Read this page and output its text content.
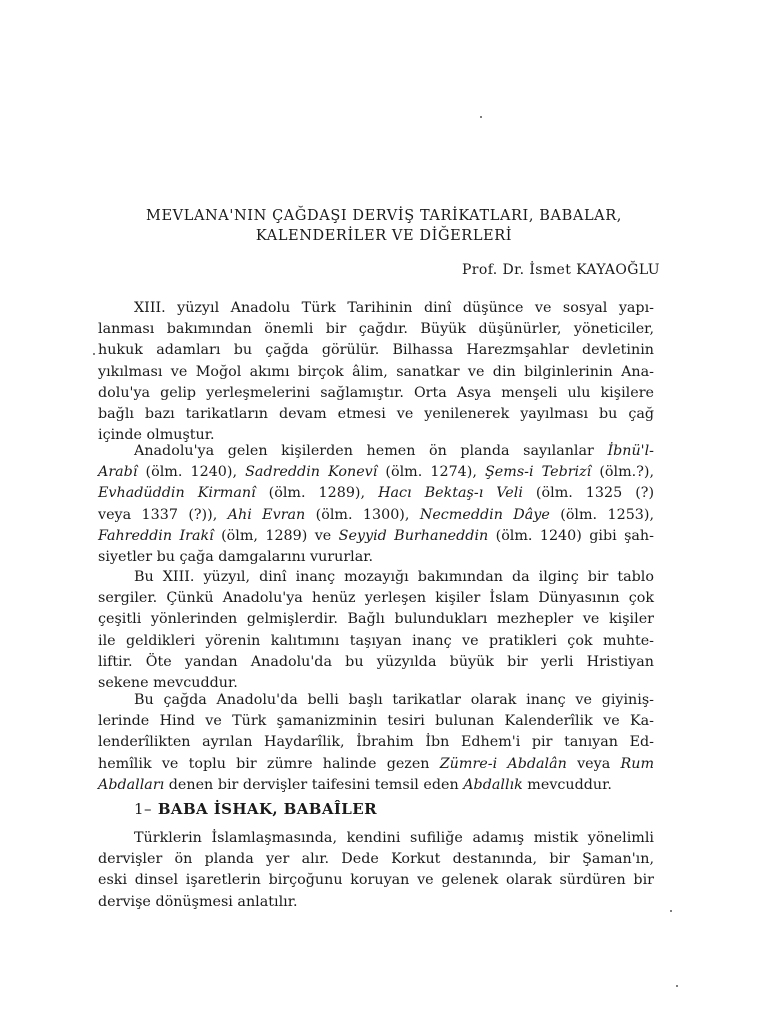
MEVLANA'NIN ÇAĞDAŞI DERVİŞ TARİKATLARI, BABALAR,
KALENDERİLER VE DİĞERLERİ
Prof. Dr. İsmet KAYAOĞLU
XIII. yüzyıl Anadolu Türk Tarihinin dinî düşünce ve sosyal yapı-
lanması bakımından önemli bir çağdır. Büyük düşünürler, yöneticiler,
hukuk adamları bu çağda görülür. Bilhassa Harezmşahlar devletinin
yıkılması ve Moğol akımı birçok âlim, sanatkar ve din bilginlerinin Ana-
dolu'ya gelip yerleşmelerini sağlamıştır. Orta Asya menşeli ulu kişilere
bağlı bazı tarikatların devam etmesi ve yenilenerek yayılması bu çağ
içinde olmuştur.
Anadolu'ya gelen kişilerden hemen ön planda sayılanlar İbnü'l-
Arabî (ölm. 1240), Sadreddin Konevî (ölm. 1274), Şems-i Tebrizî (ölm.?),
Evhadüddin Kirmanî (ölm. 1289), Hacı Bektaş-ı Veli (ölm. 1325 (?)
veya 1337 (?)), Ahi Evran (ölm. 1300), Necmeddin Dâye (ölm. 1253),
Fahreddin Irakî (ölm, 1289) ve Seyyid Burhaneddin (ölm. 1240) gibi şah-
siyetler bu çağa damgalarını vururlar.
Bu XIII. yüzyıl, dinî inanç mozayığı bakımından da ilginç bir tablo
sergiler. Çünkü Anadolu'ya henüz yerleşen kişiler İslam Dünyasının çok
çeşitli yönlerinden gelmişlerdir. Bağlı bulundukları mezhepler ve kişiler
ile geldikleri yörenin kalıtımını taşıyan inanç ve pratikleri çok muhte-
liftir. Öte yandan Anadolu'da bu yüzyılda büyük bir yerli Hristiyan
sekene mevcuddur.
Bu çağda Anadolu'da belli başlı tarikatlar olarak inanç ve giyiniş-
lerinde Hind ve Türk şamanizminin tesiri bulunan Kalenderîlik ve Ka-
lenderîlikten ayrılan Haydarîlik, İbrahim İbn Edhem'i pir tanıyan Ed-
hemîlik ve toplu bir zümre halinde gezen Zümre-i Abdalân veya Rum
Abdalları denen bir dervişler taifesini temsil eden Abdallık mevcuddur.
1– BABA İSHAK, BABAÎLER
Türklerin İslamlaşmasında, kendini sufiliğe adamış mistik yönelimli
dervişler ön planda yer alır. Dede Korkut destanında, bir Şaman'ın,
eski dinsel işaretlerin birçoğunu koruyan ve gelenek olarak sürdüren bir
dervişe dönüşmesi anlatılır.
